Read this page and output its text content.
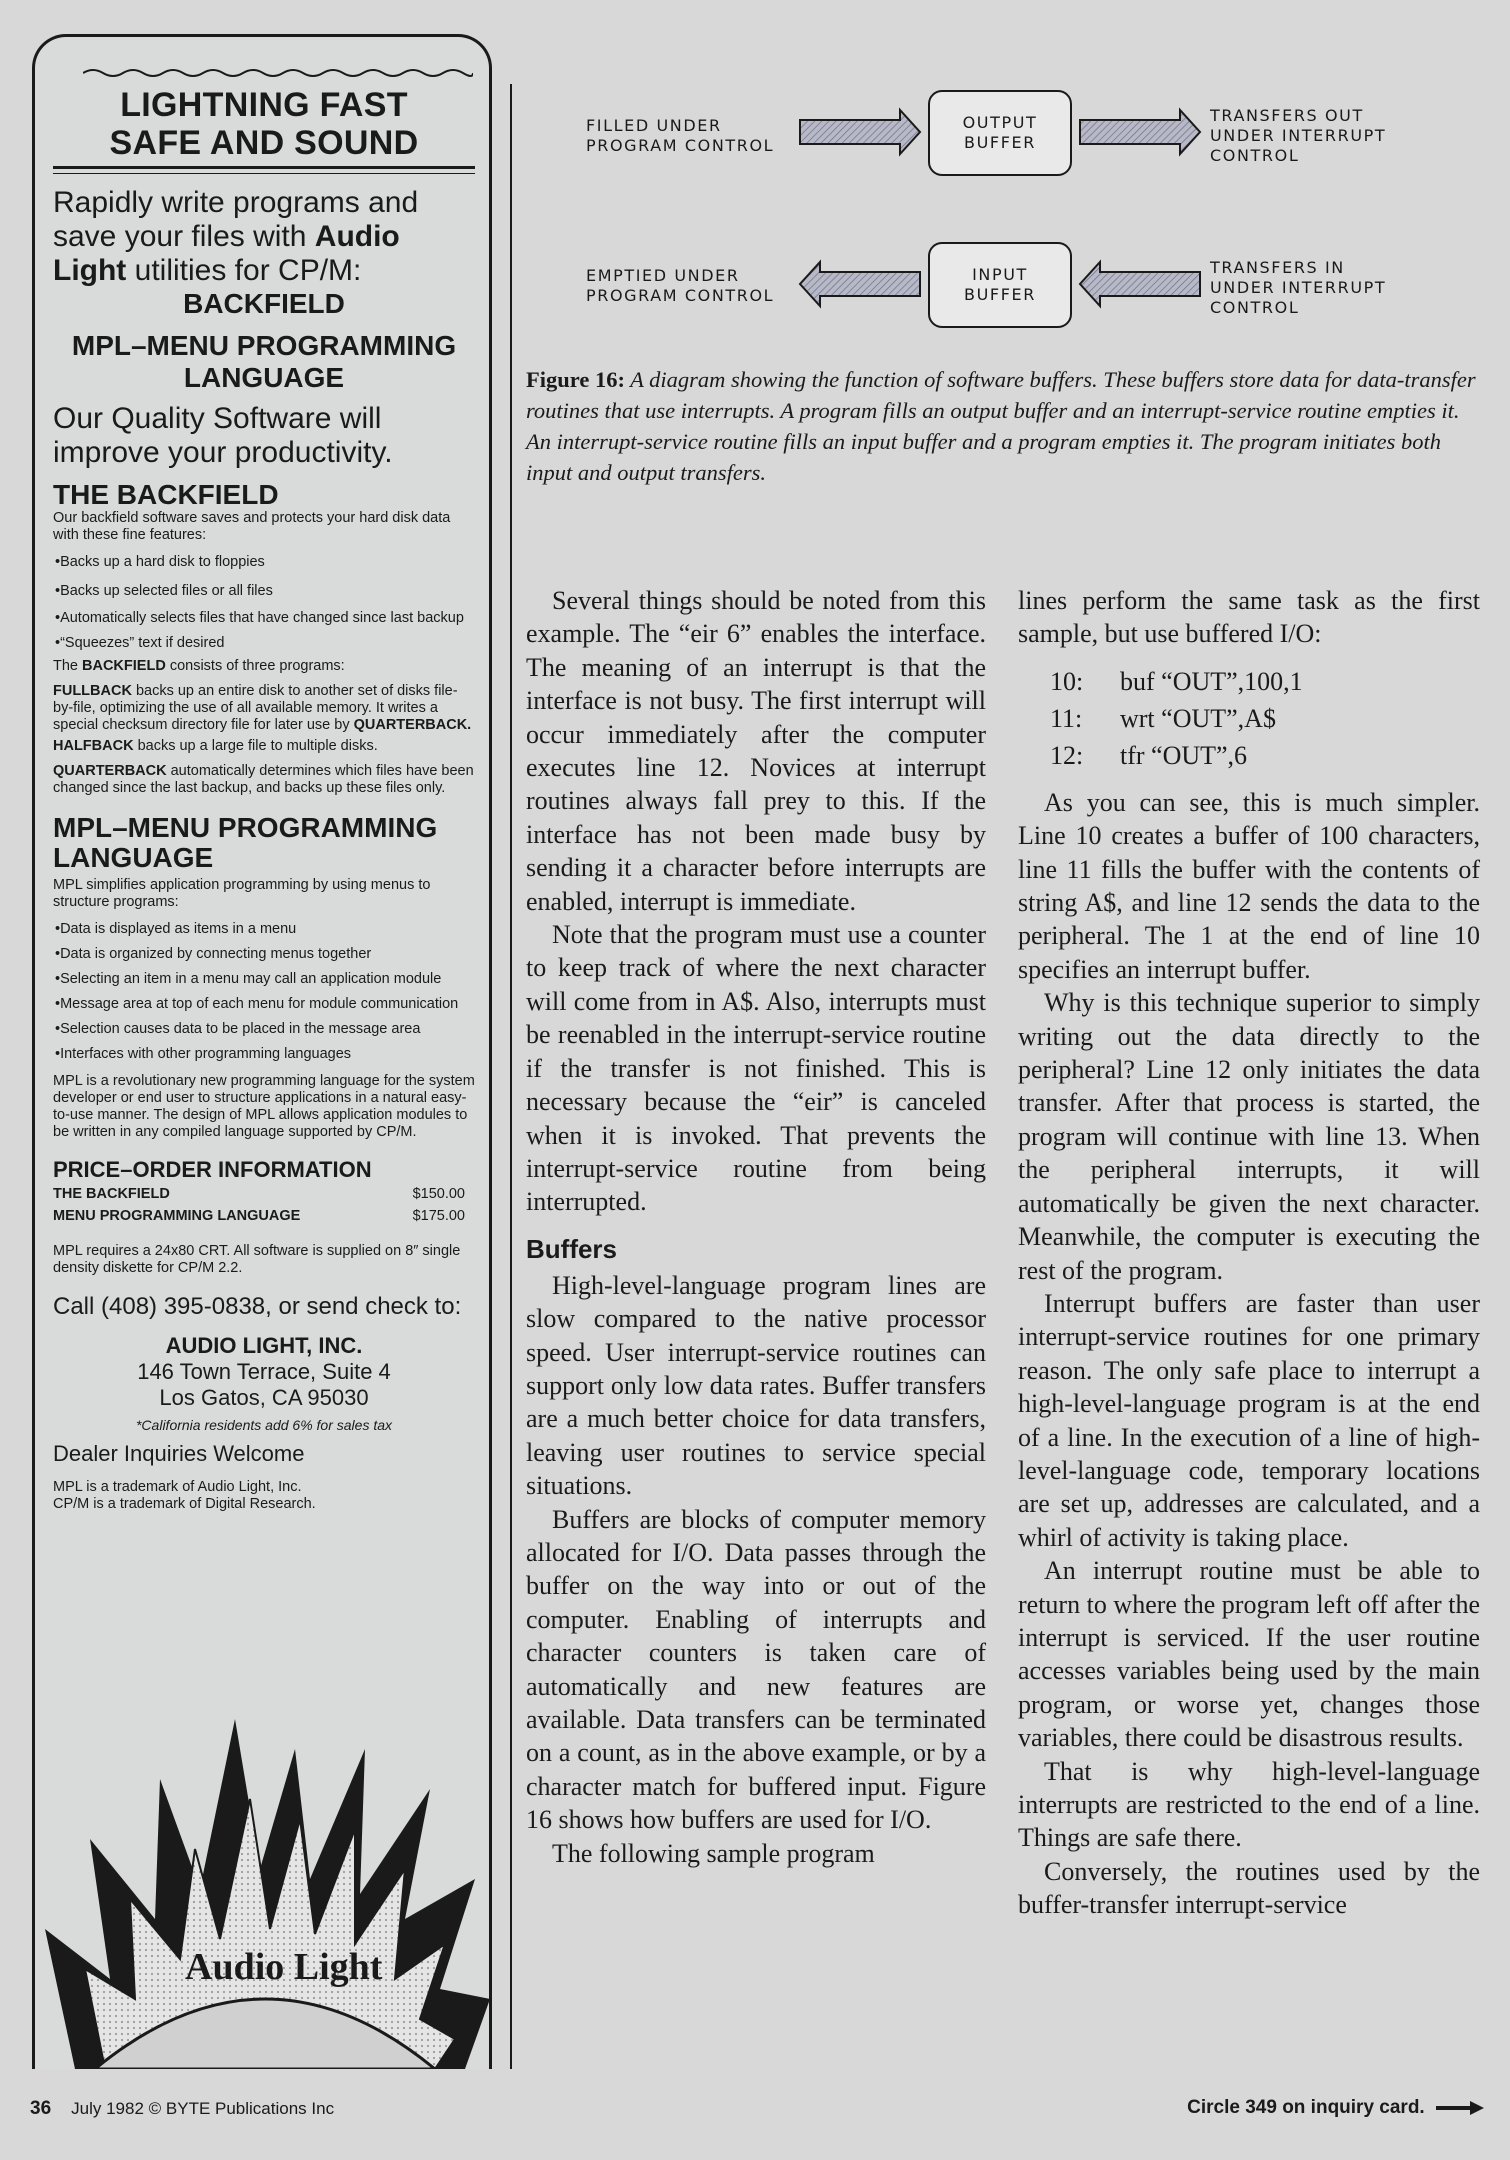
LIGHTNING FAST
SAFE AND SOUND
Rapidly write programs and save your files with Audio Light utilities for CP/M:
BACKFIELD
MPL–MENU PROGRAMMING LANGUAGE
Our Quality Software will improve your productivity.
THE BACKFIELD
Our backfield software saves and protects your hard disk data with these fine features:
•Backs up a hard disk to floppies
•Backs up selected files or all files
•Automatically selects files that have changed since last backup
•“Squeezes” text if desired
The BACKFIELD consists of three programs:
FULLBACK backs up an entire disk to another set of disks file-by-file, optimizing the use of all available memory. It writes a special checksum directory file for later use by QUARTERBACK.
HALFBACK backs up a large file to multiple disks.
QUARTERBACK automatically determines which files have been changed since the last backup, and backs up these files only.
MPL–MENU PROGRAMMING LANGUAGE
MPL simplifies application programming by using menus to structure programs:
•Data is displayed as items in a menu
•Data is organized by connecting menus together
•Selecting an item in a menu may call an application module
•Message area at top of each menu for module communication
•Selection causes data to be placed in the message area
•Interfaces with other programming languages
MPL is a revolutionary new programming language for the system developer or end user to structure applications in a natural easy-to-use manner. The design of MPL allows application modules to be written in any compiled language supported by CP/M.
PRICE–ORDER INFORMATION
THE BACKFIELD	$150.00
MENU PROGRAMMING LANGUAGE	$175.00
MPL requires a 24x80 CRT. All software is supplied on 8″ single density diskette for CP/M 2.2.
Call (408) 395-0838, or send check to:
AUDIO LIGHT, INC.
146 Town Terrace, Suite 4
Los Gatos, CA 95030
*California residents add 6% for sales tax
Dealer Inquiries Welcome
MPL is a trademark of Audio Light, Inc.
CP/M is a trademark of Digital Research.
Audio Light
FILLED UNDER
PROGRAM CONTROL
OUTPUT
BUFFER
TRANSFERS OUT
UNDER INTERRUPT
CONTROL
EMPTIED UNDER
PROGRAM CONTROL
INPUT
BUFFER
TRANSFERS IN
UNDER INTERRUPT
CONTROL
Figure 16: A diagram showing the function of software buffers. These buffers store data for data-transfer routines that use interrupts. A program fills an output buffer and an interrupt-service routine empties it. An interrupt-service routine fills an input buffer and a program empties it. The program initiates both input and output transfers.

Several things should be noted from this example. The “eir 6” enables the interface. The meaning of an interrupt is that the interface is not busy. The first interrupt will occur immediately after the computer executes line 12. Novices at interrupt routines always fall prey to this. If the interface has not been made busy by sending it a character before interrupts are enabled, interrupt is immediate.

Note that the program must use a counter to keep track of where the next character will come from in A$. Also, interrupts must be reenabled in the interrupt-service routine if the transfer is not finished. This is necessary because the “eir” is canceled when it is invoked. That prevents the interrupt-service routine from being interrupted.

Buffers

High-level-language program lines are slow compared to the native processor speed. User interrupt-service routines can support only low data rates. Buffer transfers are a much better choice for data transfers, leaving user routines to service special situations.

Buffers are blocks of computer memory allocated for I/O. Data passes through the buffer on the way into or out of the computer. Enabling of interrupts and character counters is taken care of automatically and new features are available. Data transfers can be terminated on a count, as in the above example, or by a character match for buffered input. Figure 16 shows how buffers are used for I/O.

The following sample program

lines perform the same task as the first sample, but use buffered I/O:

10:	buf “OUT”,100,1
11:	wrt “OUT”,A$
12:	tfr “OUT”,6

As you can see, this is much simpler. Line 10 creates a buffer of 100 characters, line 11 fills the buffer with the contents of string A$, and line 12 sends the data to the peripheral. The 1 at the end of line 10 specifies an interrupt buffer.

Why is this technique superior to simply writing out the data directly to the peripheral? Line 12 only initiates the data transfer. After that process is started, the program will continue with line 13. When the peripheral interrupts, it will automatically be given the next character. Meanwhile, the computer is executing the rest of the program.

Interrupt buffers are faster than user interrupt-service routines for one primary reason. The only safe place to interrupt a high-level-language program is at the end of a line. In the execution of a line of high-level-language code, temporary locations are set up, addresses are calculated, and a whirl of activity is taking place.

An interrupt routine must be able to return to where the program left off after the interrupt is serviced. If the user routine accesses variables being used by the main program, or worse yet, changes those variables, there could be disastrous results.

That is why high-level-language interrupts are restricted to the end of a line. Things are safe there.

Conversely, the routines used by the buffer-transfer interrupt-service

36 July 1982 © BYTE Publications Inc	Circle 349 on inquiry card.
